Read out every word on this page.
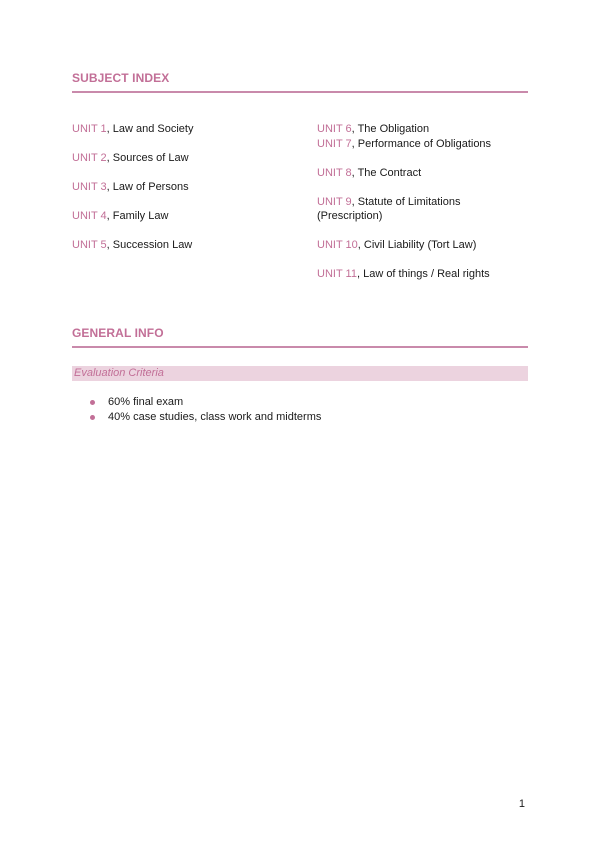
SUBJECT INDEX
UNIT 1, Law and Society
UNIT 2, Sources of Law
UNIT 3, Law of Persons
UNIT 4, Family Law
UNIT 5, Succession Law
UNIT 6, The Obligation
UNIT 7, Performance of Obligations
UNIT 8, The Contract
UNIT 9, Statute of Limitations (Prescription)
UNIT 10, Civil Liability (Tort Law)
UNIT 11, Law of things / Real rights
GENERAL INFO
Evaluation Criteria
60% final exam
40% case studies, class work and midterms
1
